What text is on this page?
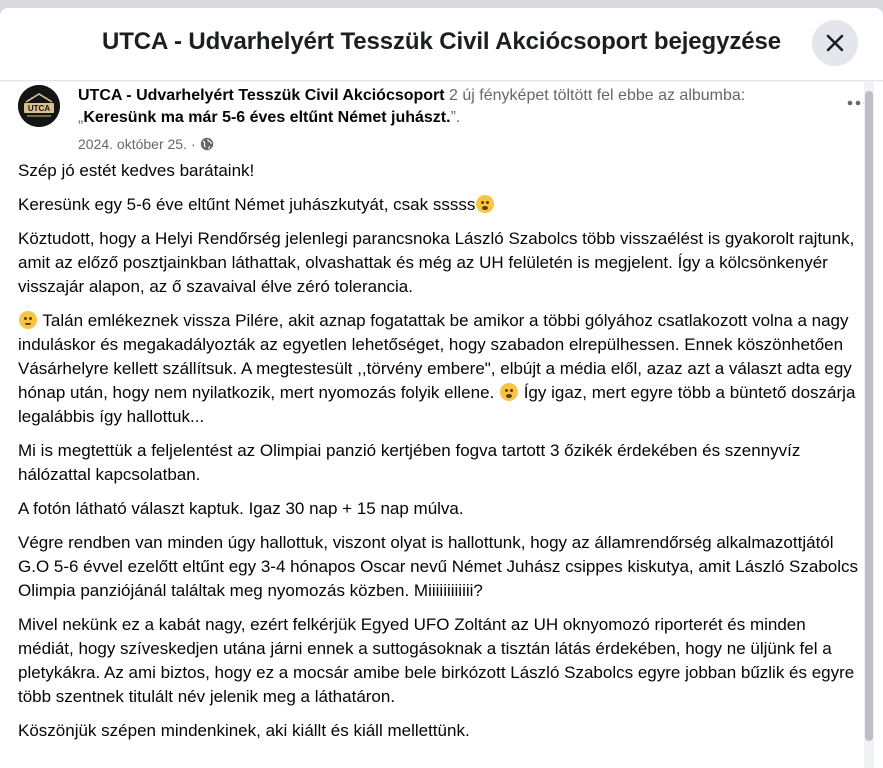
UTCA - Udvarhelyért Tesszük Civil Akciócsoport bejegyzése
UTCA
UTCA - Udvarhelyért Tesszük Civil Akciócsoport 2 új fényképet töltött fel ebbe az albumba: „Keresünk ma már 5-6 éves eltűnt Német juhászt.”.
2024. október 25. ·

Szép jó estét kedves barátaink!

Keresünk egy 5-6 éve eltűnt Német juhászkutyát, csak sssss

Köztudott, hogy a Helyi Rendőrség jelenlegi parancsnoka László Szabolcs több visszaélést is gyakorolt rajtunk, amit az előző posztjainkban láthattak, olvashattak és még az UH felületén is megjelent. Így a kölcsönkenyér visszajár alapon, az ő szavaival élve zéró tolerancia.

Talán emlékeznek vissza Pilére, akit aznap fogatattak be amikor a többi gólyához csatlakozott volna a nagy induláskor és megakadályozták az egyetlen lehetőséget, hogy szabadon elrepülhessen. Ennek köszönhetően Vásárhelyre kellett szállítsuk. A megtestesült ,,törvény embere", elbújt a média elől, azaz azt a választ adta egy hónap után, hogy nem nyilatkozik, mert nyomozás folyik ellene.
Így igaz, mert egyre több a büntető doszárja legalábbis így hallottuk...

Mi is megtettük a feljelentést az Olimpiai panzió kertjében fogva tartott 3 őzikék érdekében és szennyvíz hálózattal kapcsolatban.

A fotón látható választ kaptuk. Igaz 30 nap + 15 nap múlva.

Végre rendben van minden úgy hallottuk, viszont olyat is hallottunk, hogy az államrendőrség alkalmazottjától G.O 5-6 évvel ezelőtt eltűnt egy 3-4 hónapos Oscar nevű Német Juhász csippes kiskutya, amit László Szabolcs Olimpia panziójánál találtak meg nyomozás közben. Miiiiiiiiiiii?

Mivel nekünk ez a kabát nagy, ezért felkérjük Egyed UFO Zoltánt az UH oknyomozó riporterét és minden médiát, hogy szíveskedjen utána járni ennek a suttogásoknak a tisztán látás érdekében, hogy ne üljünk fel a pletykákra. Az ami biztos, hogy ez a mocsár amibe bele birkózott László Szabolcs egyre jobban bűzlik és egyre több szentnek titulált név jelenik meg a láthatáron.

Köszönjük szépen mindenkinek, aki kiállt és kiáll mellettünk.
